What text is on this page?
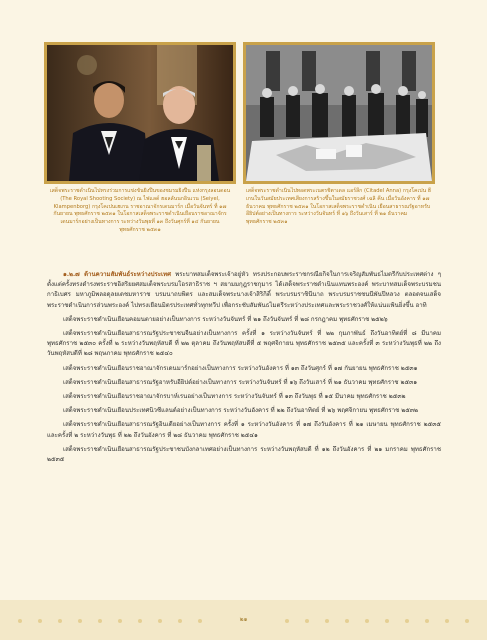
เสด็จพระราชดำเนินไปทรงร่วมการแข่งขันยิงปืนของชมรมยิงปืน แห่งกรุงลอนดอน (The Royal Shooting Society) ณ ไฟแลด์ ฮอลลันนกอินเวน (Seiyel, Klampenborg) กรุงโคเปนเฮเกน ราชอาณาจักรเดนมาร์ก เมื่อวันจันทร์ ที่ ๑๗ กันยายน พุทธศักราช ๒๕๓๑ ในโอกาสเสด็จพระราชดำเนินเยือนราชอาณาจักรเดนมาร์กอย่างเป็นทางการ ระหว่างวันพุธที่ ๑๓ ถึงวันศุกร์ที่ ๑๔ กันยายน พุทธศักราช ๒๕๓๑
เสด็จพระราชดำเนินไปทอดพระเนตรชิตาเดล แอร์ลีก (Citadel Anna) กรุงโคเปน ฮีเกนในวันสมัยประเทศเสียงการสร้างขึ้นในสมัยราชวงศ์ เฉลิ คีน เมื่อวันอังคาร ที่ ๑๗ ธันวาคม พุทธศักราช ๒๕๓๑ ในโอกาสเสด็จพระราชดำเนิน เยือนสาธารณรัฐอาหรับอียิปต์อย่างเป็นทางการ ระหว่างวันจันทร์ ที่ ๑๖ ถึงวันเสาร์ ที่ ๒๑ ธันวาคม พุทธศักราช ๒๕๓๑

๑.๒.๗ ด้านความสัมพันธ์ระหว่างประเทศ พระบาทสมเด็จพระเจ้าอยู่หัว ทรงประกอบพระราชกรณียกิจในการเจริญสัมพันธไมตรีกับประเทศต่าง ๆ ตั้งแต่ครั้งทรงดำรงพระราชอิสริยยศสมเด็จพระบรมโอรสาธิราช ฯ สยามมกุฎราชกุมาร ได้เสด็จพระราชดำเนินแทนพระองค์ พระบาทสมเด็จพระบรมชนกาธิเบศร มหาภูมิพลอดุลยเดชมหาราช บรมนาถบพิตร และสมเด็จพระนางเจ้าสิริกิติ์ พระบรมราชินีนาถ พระบรมราชชนนีพันปีหลวง ตลอดจนเสด็จพระราชดำเนินการส่วนพระองค์ ไปทรงเยือนมิตรประเทศทั่วทุกทวีป เพื่อกระชับสัมพันธไมตรีระหว่างประเทศและพระราชวงศ์ให้แน่นแฟ้นยิ่งขึ้น อาทิ

เสด็จพระราชดำเนินเยือนคอมนตายอย่างเป็นทางการ ระหว่างวันจันทร์ ที่ ๒๑ ถึงวันจันทร์ ที่ ๒๘ กรกฎาคม พุทธศักราช ๒๕๒๖

เสด็จพระราชดำเนินเยือนสาธารณรัฐประชาชนจีนอย่างเป็นทางการ ครั้งที่ ๑ ระหว่างวันจันทร์ ที่ ๒๒ กุมภาพันธ์ ถึงวันอาทิตย์ที่ ๘ มีนาคม พุทธศักราช ๒๕๓๐ ครั้งที่ ๒ ระหว่างวันพฤหัสบดี ที่ ๒๒ ตุลาคม ถึงวันพฤหัสบดีที่ ๕ พฤศจิกายน พุทธศักราช ๒๕๓๕ และครั้งที่ ๓ ระหว่างวันพุธที่ ๒๒ ถึงวันพฤหัสบดีที่ ๒๘ พฤษภาคม พุทธศักราช ๒๕๔๐

เสด็จพระราชดำเนินเยือนราชอาณาจักรเดนมาร์กอย่างเป็นทางการ ระหว่างวันอังคาร ที่ ๑๓ ถึงวันศุกร์ ที่ ๑๗ กันยายน พุทธศักราช ๒๕๓๑

เสด็จพระราชดำเนินเยือนสาธารณรัฐอาหรับอียิปต์อย่างเป็นทางการ ระหว่างวันจันทร์ ที่ ๑๖ ถึงวันเสาร์ ที่ ๒๑ ธันวาคม พุทธศักราช ๒๕๓๑

เสด็จพระราชดำเนินเยือนราชอาณาจักรบาห์เรนอย่างเป็นทางการ ระหว่างวันจันทร์ ที่ ๑๓ ถึงวันพุธ ที่ ๑๕ มีนาคม พุทธศักราช ๒๕๓๒

เสด็จพระราชดำเนินเยือนประเทศนิวซีแลนด์อย่างเป็นทางการ ระหว่างวันอังคาร ที่ ๒๒ ถึงวันอาทิตย์ ที่ ๒๖ พฤศจิกายน พุทธศักราช ๒๕๓๒

เสด็จพระราชดำเนินเยือนสาธารณรัฐอินเดียอย่างเป็นทางการ ครั้งที่ ๑ ระหว่างวันอังคาร ที่ ๑๗ ถึงวันอังคาร ที่ ๒๑ เมษายน พุทธศักราช ๒๕๓๕ และครั้งที่ ๒ ระหว่างวันพุธ ที่ ๒๒ ถึงวันอังคาร ที่ ๒๘ ธันวาคม พุทธศักราช ๒๕๔๑

เสด็จพระราชดำเนินเยือนสาธารณรัฐประชาชนบังกลาเทศอย่างเป็นทางการ ระหว่างวันพฤหัสบดี ที่ ๑๒ ถึงวันอังคาร ที่ ๒๑ มกราคม พุทธศักราช ๒๕๓๕

๒๑
